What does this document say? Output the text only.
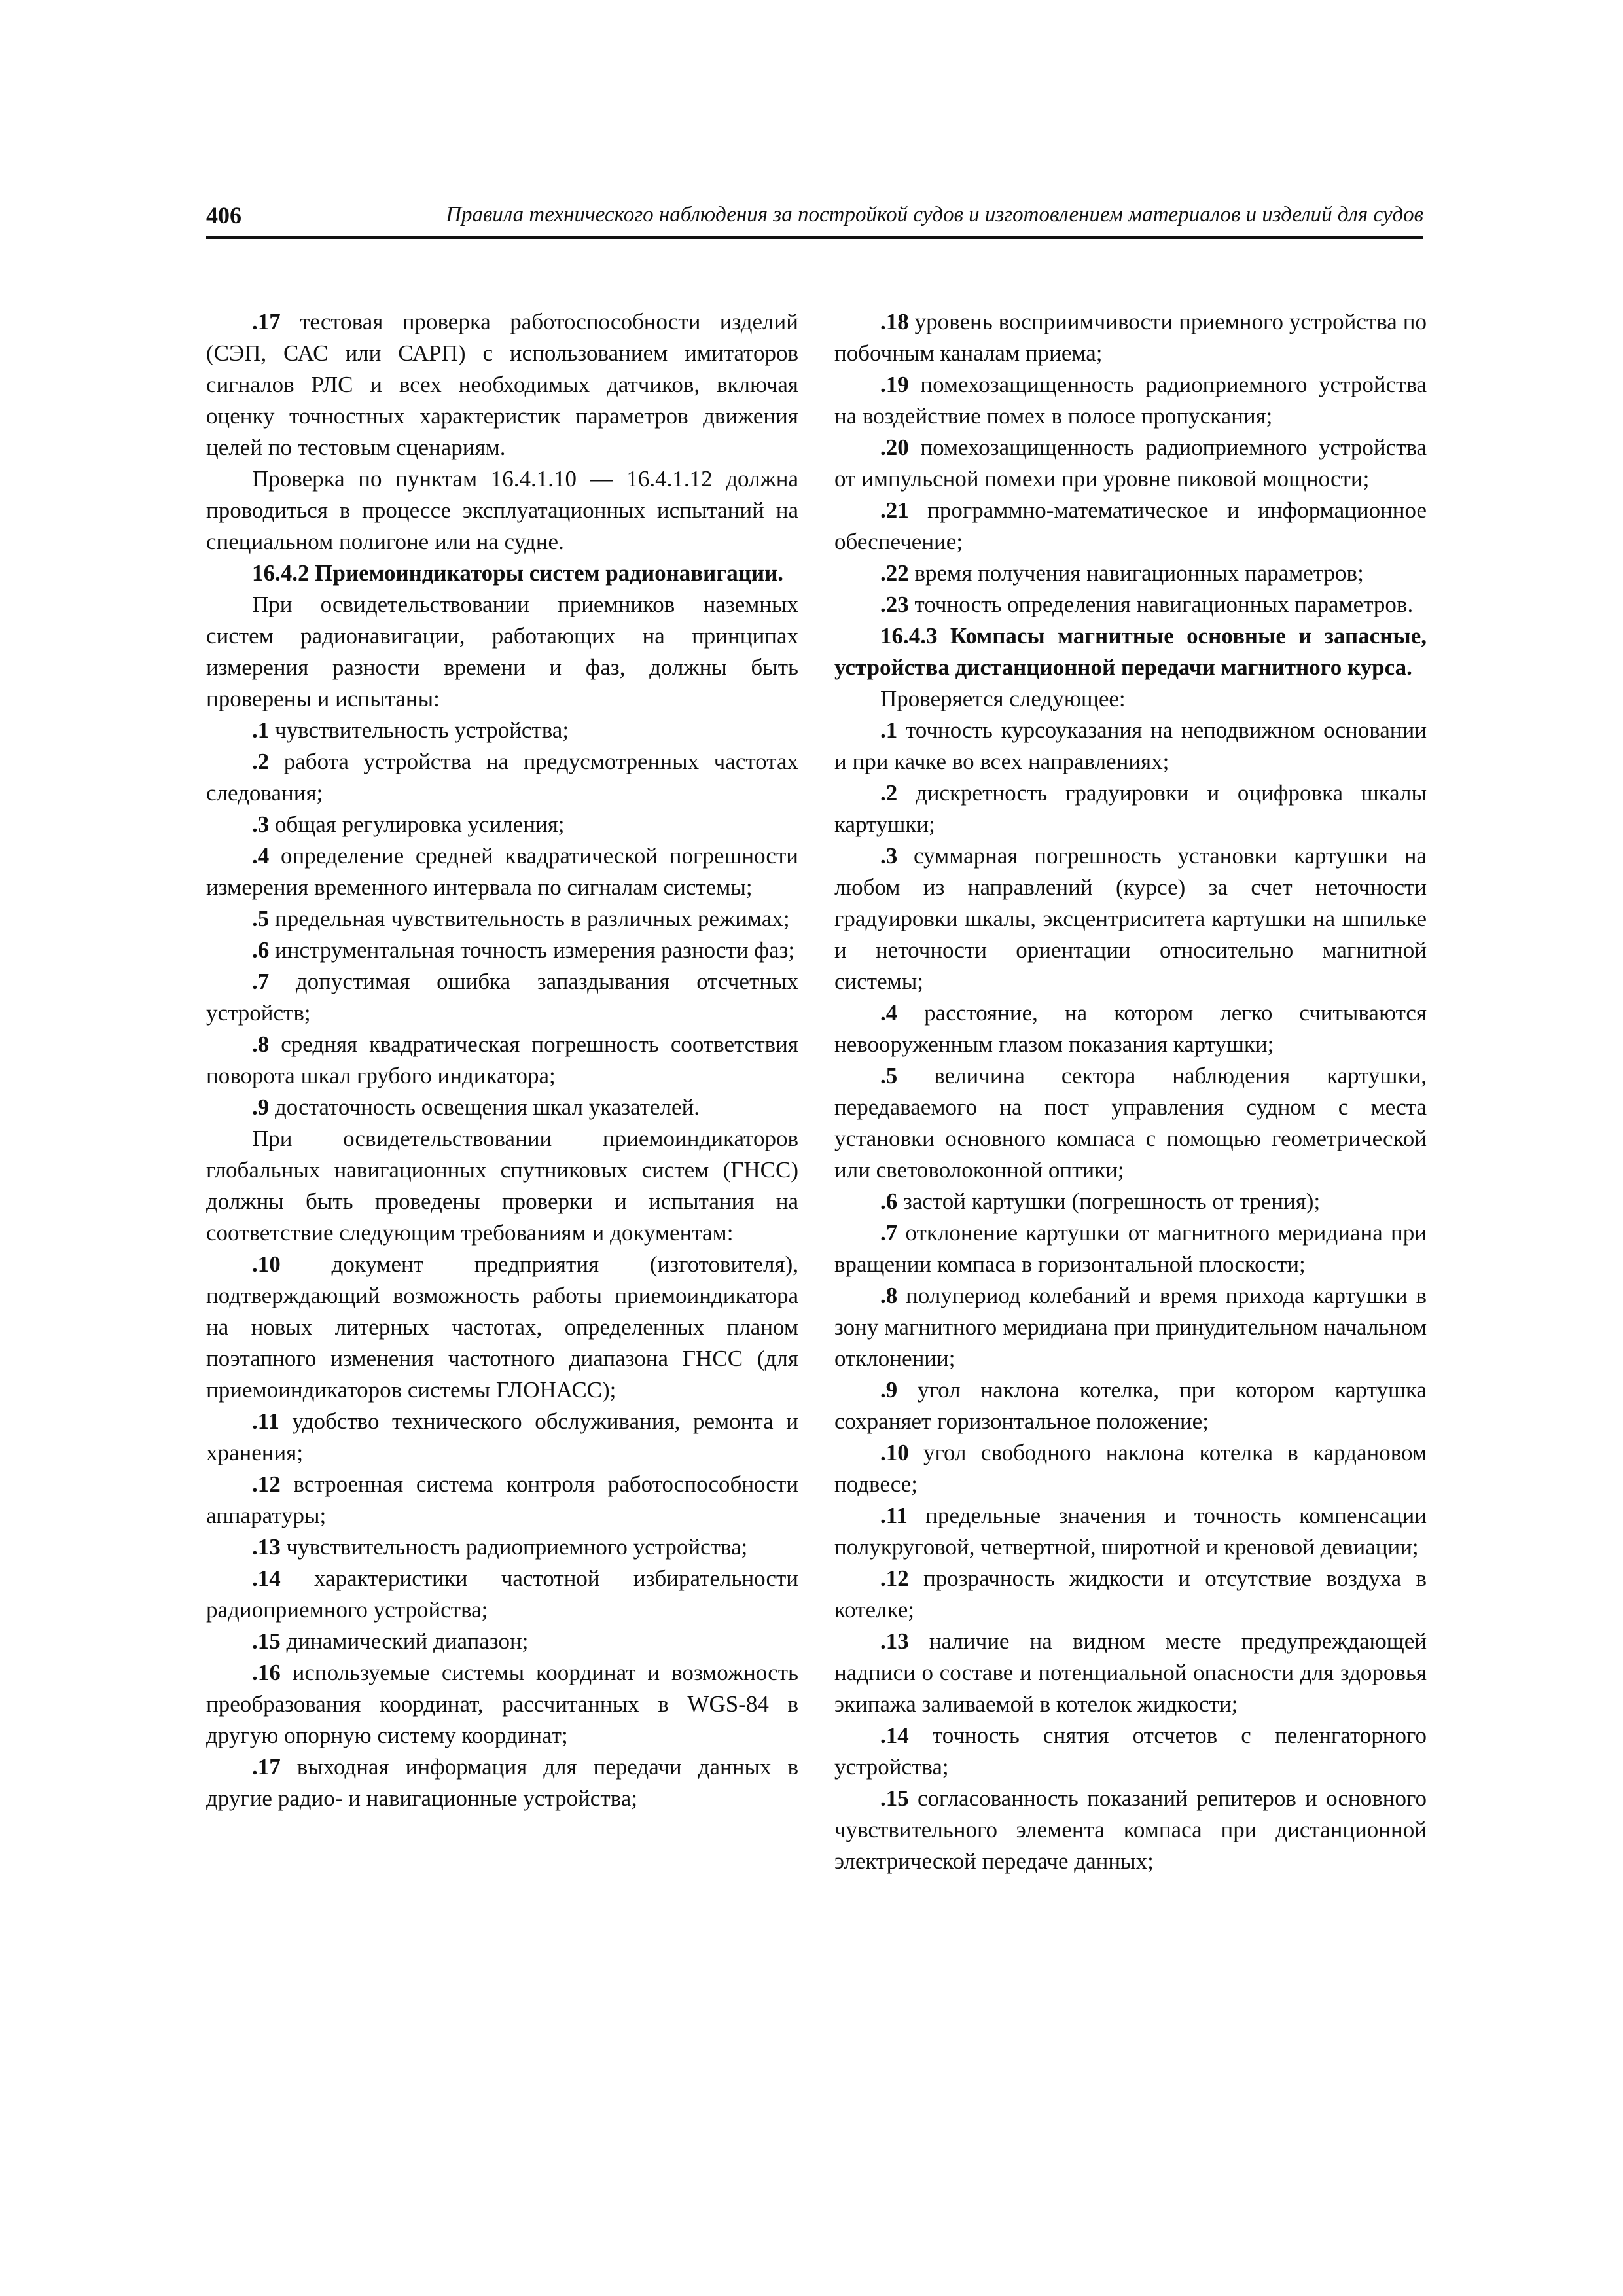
406	Правила технического наблюдения за постройкой судов и изготовлением материалов и изделий для судов

.17 тестовая проверка работоспособности изделий (СЭП, САС или САРП) с использованием имитаторов сигналов РЛС и всех необходимых датчиков, включая оценку точностных характеристик параметров движения целей по тестовым сценариям.

Проверка по пунктам 16.4.1.10 — 16.4.1.12 должна проводиться в процессе эксплуатационных испытаний на специальном полигоне или на судне.

16.4.2 Приемоиндикаторы систем радионавигации.

При освидетельствовании приемников наземных систем радионавигации, работающих на принципах измерения разности времени и фаз, должны быть проверены и испытаны:

.1 чувствительность устройства;

.2 работа устройства на предусмотренных частотах следования;

.3 общая регулировка усиления;

.4 определение средней квадратической погрешности измерения временного интервала по сигналам системы;

.5 предельная чувствительность в различных режимах;

.6 инструментальная точность измерения разности фаз;

.7 допустимая ошибка запаздывания отсчетных устройств;

.8 средняя квадратическая погрешность соответствия поворота шкал грубого индикатора;

.9 достаточность освещения шкал указателей.

При освидетельствовании приемоиндикаторов глобальных навигационных спутниковых систем (ГНСС) должны быть проведены проверки и испытания на соответствие следующим требованиям и документам:

.10 документ предприятия (изготовителя), подтверждающий возможность работы приемоиндикатора на новых литерных частотах, определенных планом поэтапного изменения частотного диапазона ГНСС (для приемоиндикаторов системы ГЛОНАСС);

.11 удобство технического обслуживания, ремонта и хранения;

.12 встроенная система контроля работоспособности аппаратуры;

.13 чувствительность радиоприемного устройства;

.14 характеристики частотной избирательности радиоприемного устройства;

.15 динамический диапазон;

.16 используемые системы координат и возможность преобразования координат, рассчитанных в WGS-84 в другую опорную систему координат;

.17 выходная информация для передачи данных в другие радио- и навигационные устройства;

.18 уровень восприимчивости приемного устройства по побочным каналам приема;

.19 помехозащищенность радиоприемного устройства на воздействие помех в полосе пропускания;

.20 помехозащищенность радиоприемного устройства от импульсной помехи при уровне пиковой мощности;

.21 программно-математическое и информационное обеспечение;

.22 время получения навигационных параметров;

.23 точность определения навигационных параметров.

16.4.3 Компасы магнитные основные и запасные, устройства дистанционной передачи магнитного курса.

Проверяется следующее:

.1 точность курсоуказания на неподвижном основании и при качке во всех направлениях;

.2 дискретность градуировки и оцифровка шкалы картушки;

.3 суммарная погрешность установки картушки на любом из направлений (курсе) за счет неточности градуировки шкалы, эксцентриситета картушки на шпильке и неточности ориентации относительно магнитной системы;

.4 расстояние, на котором легко считываются невооруженным глазом показания картушки;

.5 величина сектора наблюдения картушки, передаваемого на пост управления судном с места установки основного компаса с помощью геометрической или световолоконной оптики;

.6 застой картушки (погрешность от трения);

.7 отклонение картушки от магнитного меридиана при вращении компаса в горизонтальной плоскости;

.8 полупериод колебаний и время прихода картушки в зону магнитного меридиана при принудительном начальном отклонении;

.9 угол наклона котелка, при котором картушка сохраняет горизонтальное положение;

.10 угол свободного наклона котелка в кардановом подвесе;

.11 предельные значения и точность компенсации полукруговой, четвертной, широтной и креновой девиации;

.12 прозрачность жидкости и отсутствие воздуха в котелке;

.13 наличие на видном месте предупреждающей надписи о составе и потенциальной опасности для здоровья экипажа заливаемой в котелок жидкости;

.14 точность снятия отсчетов с пеленгаторного устройства;

.15 согласованность показаний репитеров и основного чувствительного элемента компаса при дистанционной электрической передаче данных;
